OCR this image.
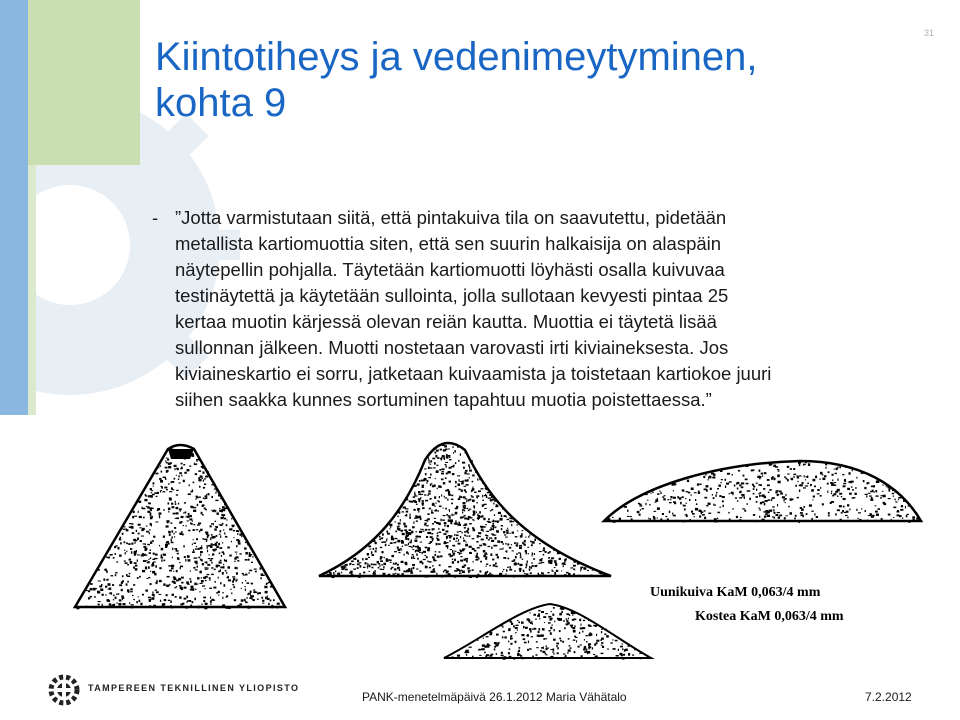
31
Kiintotiheys ja vedenimeytyminen,
kohta 9
- ”Jotta varmistutaan siitä, että pintakuiva tila on saavutettu, pidetään
metallista kartiomuottia siten, että sen suurin halkaisija on alaspäin
näytepellin pohjalla. Täytetään kartiomuotti löyhästi osalla kuivuvaa
testinäytettä ja käytetään sullointa, jolla sullotaan kevyesti pintaa 25
kertaa muotin kärjessä olevan reiän kautta. Muottia ei täytetä lisää
sullonnan jälkeen. Muotti nostetaan varovasti irti kiviaineksesta. Jos
kiviaineskartio ei sorru, jatketaan kuivaamista ja toistetaan kartiokoe juuri
siihen saakka kunnes sortuminen tapahtuu muotia poistettaessa.”
Uunikuiva KaM 0,063/4 mm
Kostea KaM 0,063/4 mm
TAMPEREEN TEKNILLINEN YLIOPISTO
PANK-menetelmäpäivä 26.1.2012 Maria Vähätalo	7.2.2012
